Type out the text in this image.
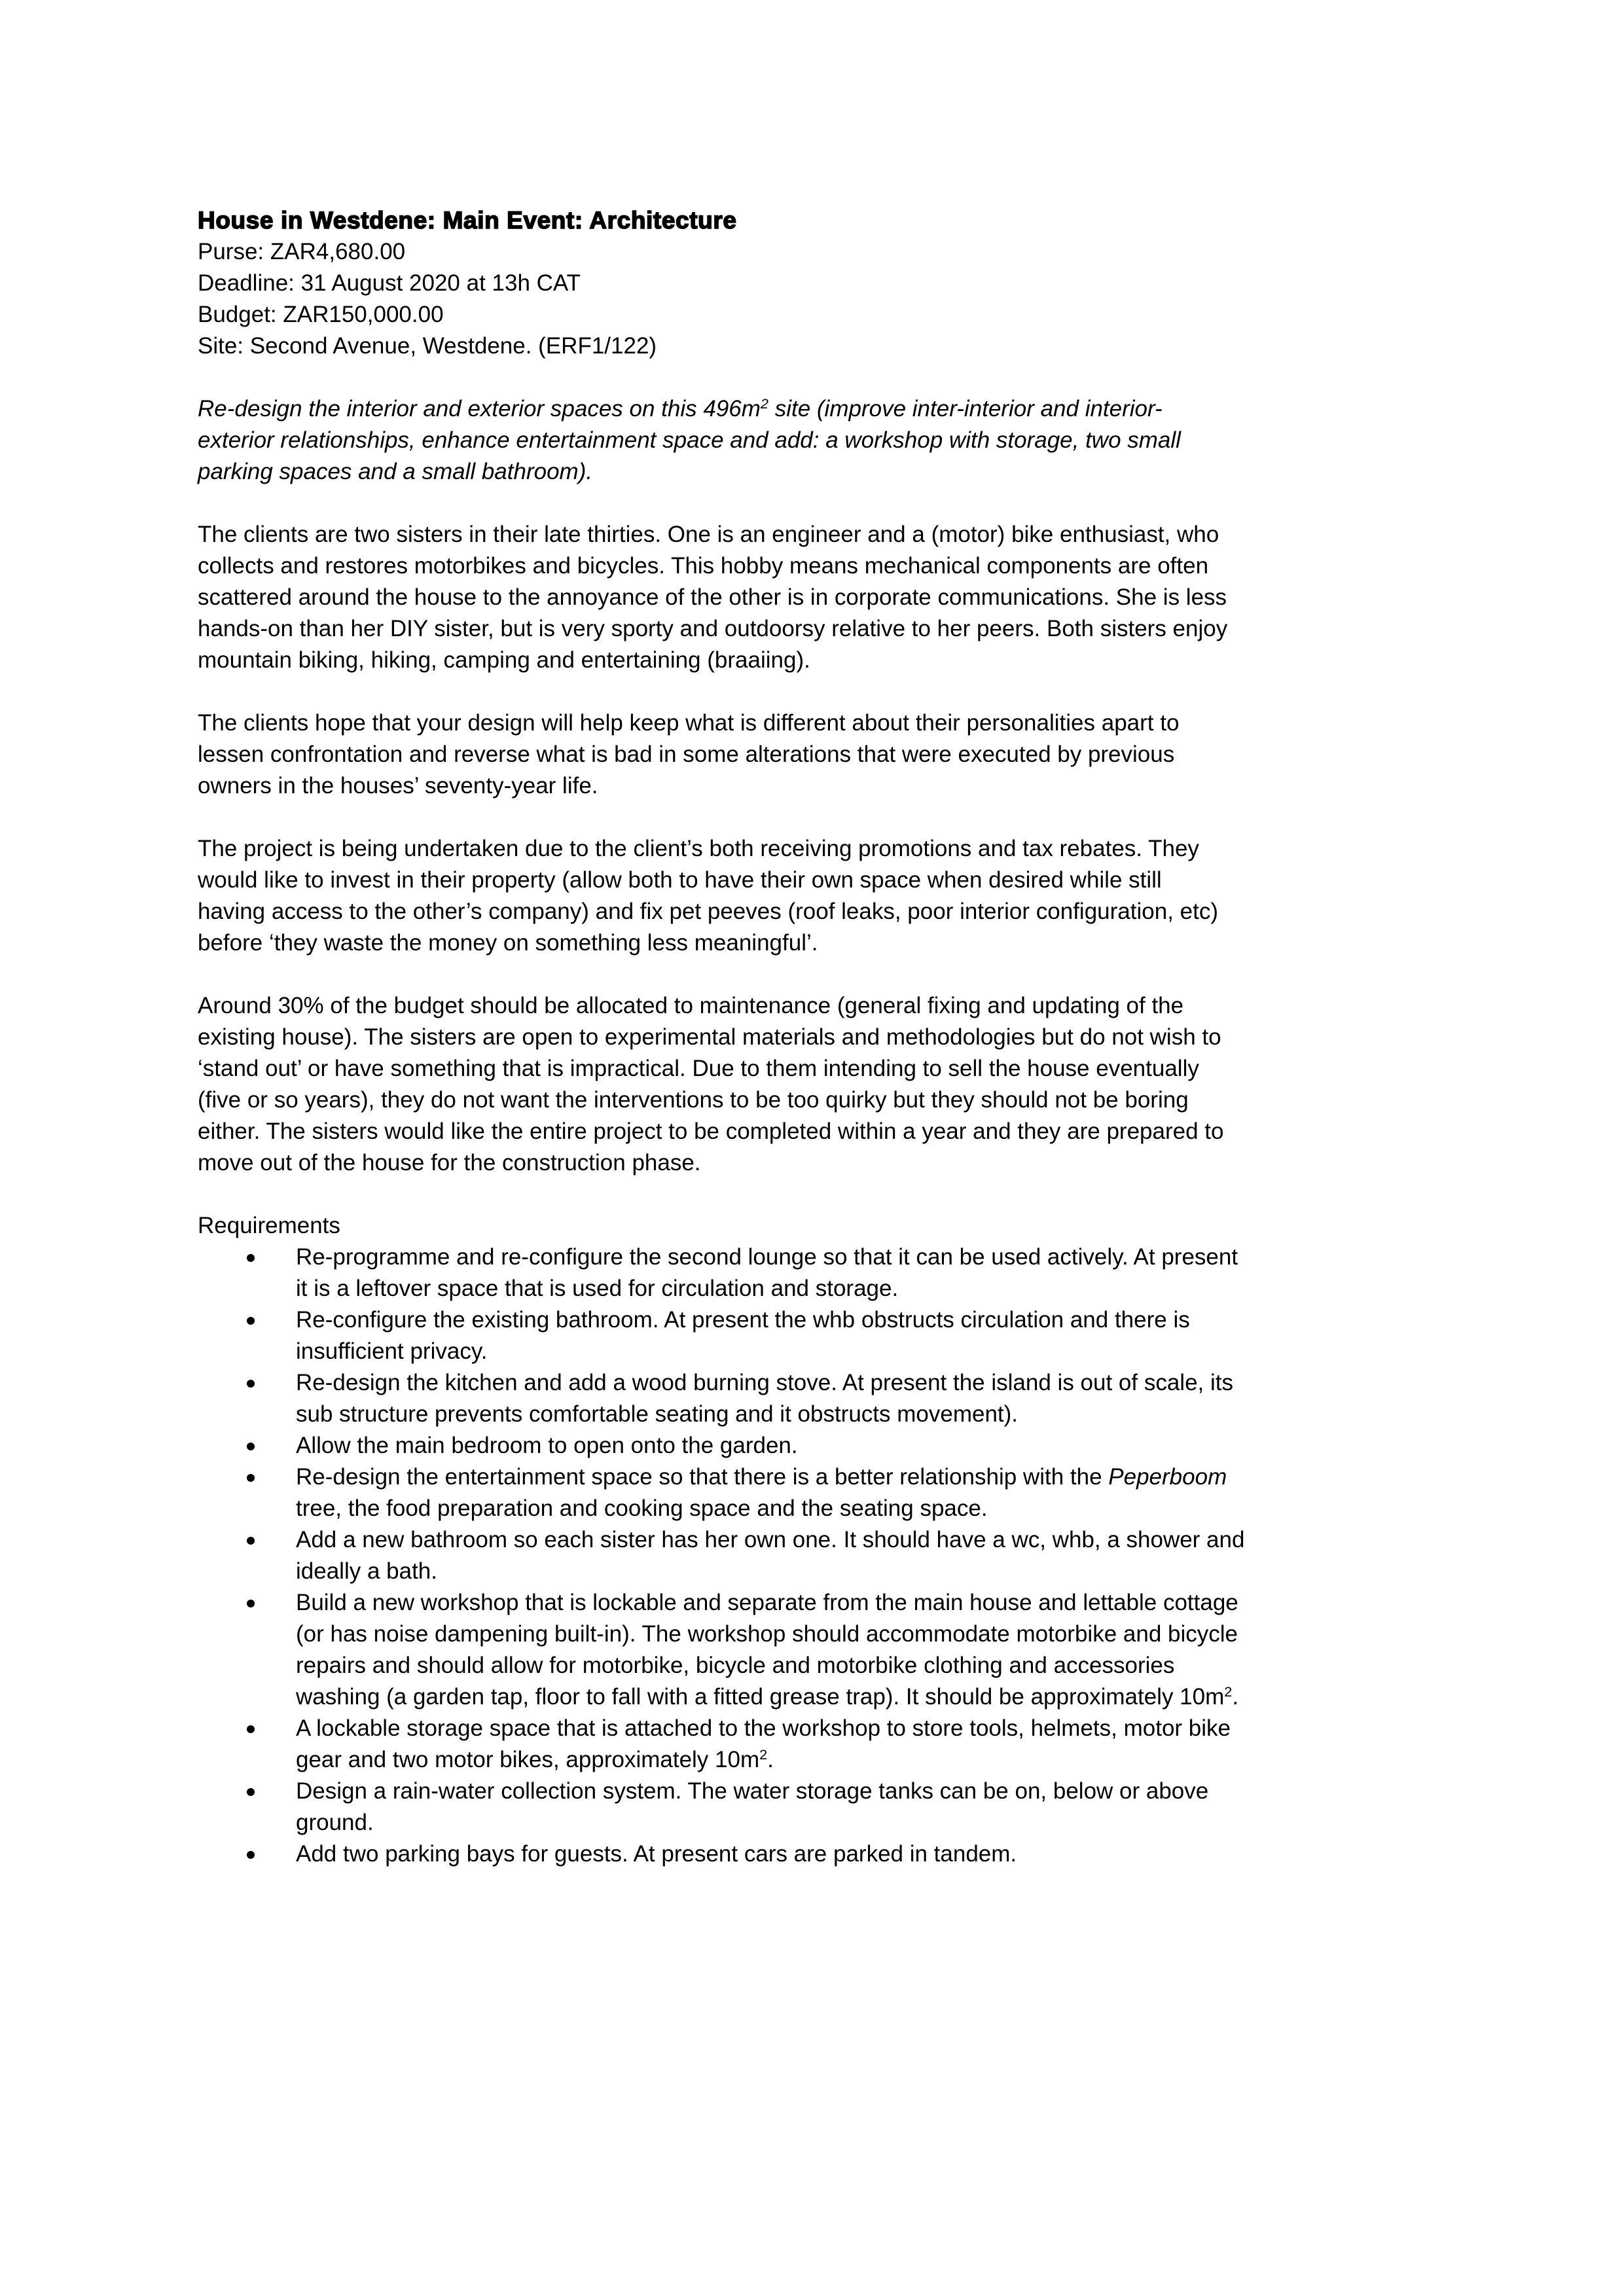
House in Westdene: Main Event: Architecture
Purse: ZAR4,680.00
Deadline: 31 August 2020 at 13h CAT
Budget: ZAR150,000.00
Site: Second Avenue, Westdene. (ERF1/122)
Re-design the interior and exterior spaces on this $496m^2$ site (improve inter-interior and interior-
exterior relationships, enhance entertainment space and add: a workshop with storage, two small
parking spaces and a small bathroom).
The clients are two sisters in their late thirties. One is an engineer and a (motor) bike enthusiast, who
collects and restores motorbikes and bicycles. This hobby means mechanical components are often
scattered around the house to the annoyance of the other is in corporate communications. She is less
hands-on than her DIY sister, but is very sporty and outdoorsy relative to her peers. Both sisters enjoy
mountain biking, hiking, camping and entertaining (braaiing).
The clients hope that your design will help keep what is different about their personalities apart to
lessen confrontation and reverse what is bad in some alterations that were executed by previous
owners in the houses’ seventy-year life.
The project is being undertaken due to the client’s both receiving promotions and tax rebates. They
would like to invest in their property (allow both to have their own space when desired while still
having access to the other’s company) and fix pet peeves (roof leaks, poor interior configuration, etc)
before ‘they waste the money on something less meaningful’.
Around 30% of the budget should be allocated to maintenance (general fixing and updating of the
existing house). The sisters are open to experimental materials and methodologies but do not wish to
‘stand out’ or have something that is impractical. Due to them intending to sell the house eventually
(five or so years), they do not want the interventions to be too quirky but they should not be boring
either. The sisters would like the entire project to be completed within a year and they are prepared to
move out of the house for the construction phase.
Requirements
Re-programme and re-configure the second lounge so that it can be used actively. At present
it is a leftover space that is used for circulation and storage.
Re-configure the existing bathroom. At present the whb obstructs circulation and there is
insufficient privacy.
Re-design the kitchen and add a wood burning stove. At present the island is out of scale, its
sub structure prevents comfortable seating and it obstructs movement).
Allow the main bedroom to open onto the garden.
Re-design the entertainment space so that there is a better relationship with the Peperboom
tree, the food preparation and cooking space and the seating space.
Add a new bathroom so each sister has her own one. It should have a wc, whb, a shower and
ideally a bath.
Build a new workshop that is lockable and separate from the main house and lettable cottage
(or has noise dampening built-in). The workshop should accommodate motorbike and bicycle
repairs and should allow for motorbike, bicycle and motorbike clothing and accessories
washing (a garden tap, floor to fall with a fitted grease trap). It should be approximately $10m^2$.
A lockable storage space that is attached to the workshop to store tools, helmets, motor bike
gear and two motor bikes, approximately $10m^2$.
Design a rain-water collection system. The water storage tanks can be on, below or above
ground.
Add two parking bays for guests. At present cars are parked in tandem.
